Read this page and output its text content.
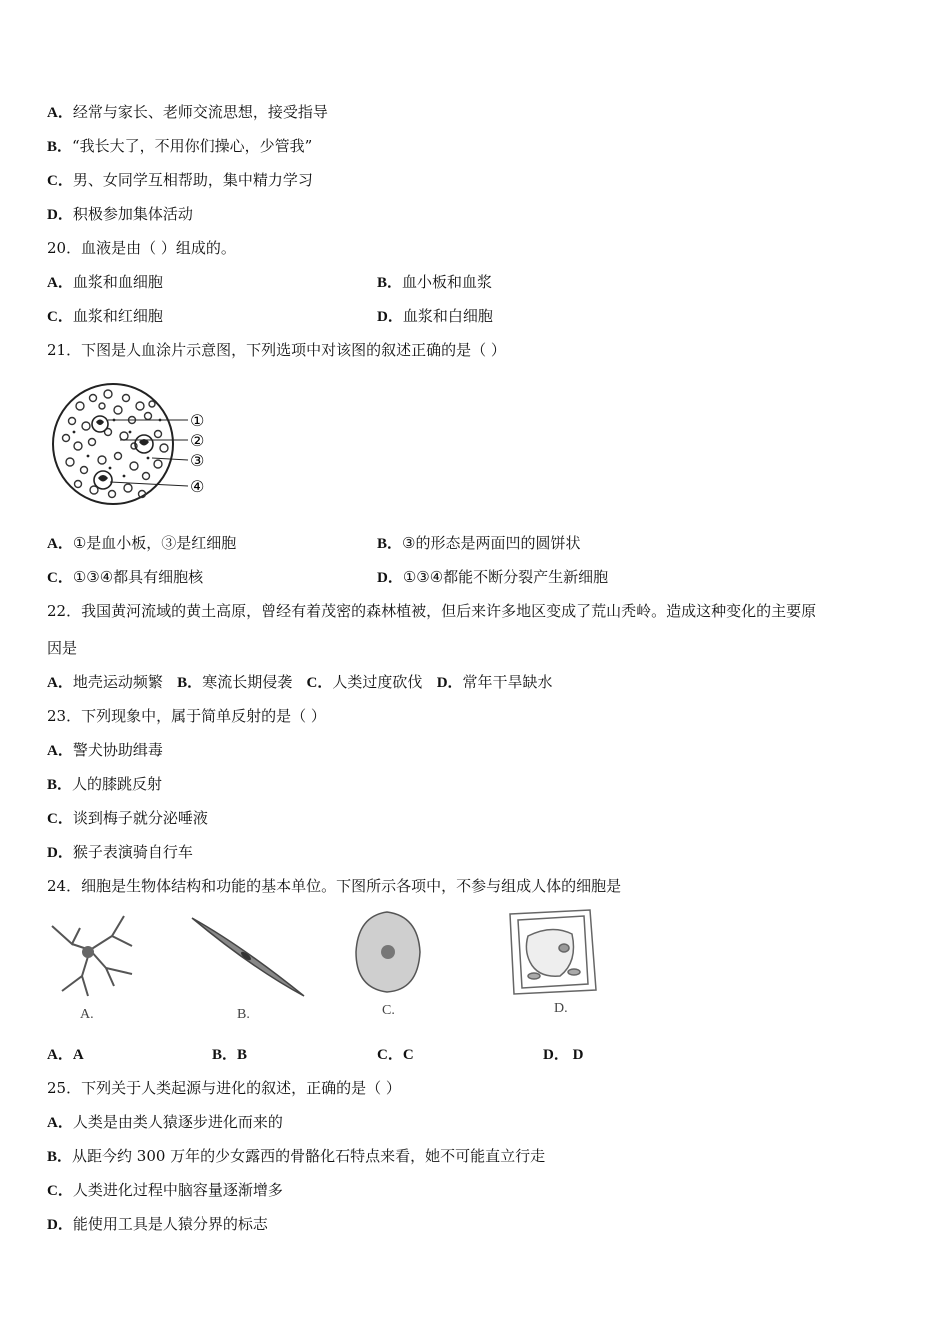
A．经常与家长、老师交流思想，接受指导
B．“我长大了，不用你们操心，少管我”
C．男、女同学互相帮助，集中精力学习
D．积极参加集体活动
20．血液是由（ ）组成的。
A．血浆和血细胞	B．血小板和血浆
C．血浆和红细胞	D．血浆和白细胞
21．下图是人血涂片示意图，下列选项中对该图的叙述正确的是（ ）
①
②
③
④
A．①是血小板，③是红细胞	B．③的形态是两面凹的圆饼状
C．①③④都具有细胞核	D．①③④都能不断分裂产生新细胞
22．我国黄河流域的黄土高原，曾经有着茂密的森林植被，但后来许多地区变成了荒山秃岭。造成这种变化的主要原
因是
A．地壳运动频繁 B．寒流长期侵袭 C．人类过度砍伐 D．常年干旱缺水
23．下列现象中，属于简单反射的是（ ）
A．警犬协助缉毒
B．人的膝跳反射
C．谈到梅子就分泌唾液
D．猴子表演骑自行车
24．细胞是生物体结构和功能的基本单位。下图所示各项中，不参与组成人体的细胞是
A.	B.	C.	D.
A．A	B．B	C．C	D． D
25．下列关于人类起源与进化的叙述，正确的是（ ）
A．人类是由类人猿逐步进化而来的
B．从距今约 300 万年的少女露西的骨骼化石特点来看，她不可能直立行走
C．人类进化过程中脑容量逐渐增多
D．能使用工具是人猿分界的标志
